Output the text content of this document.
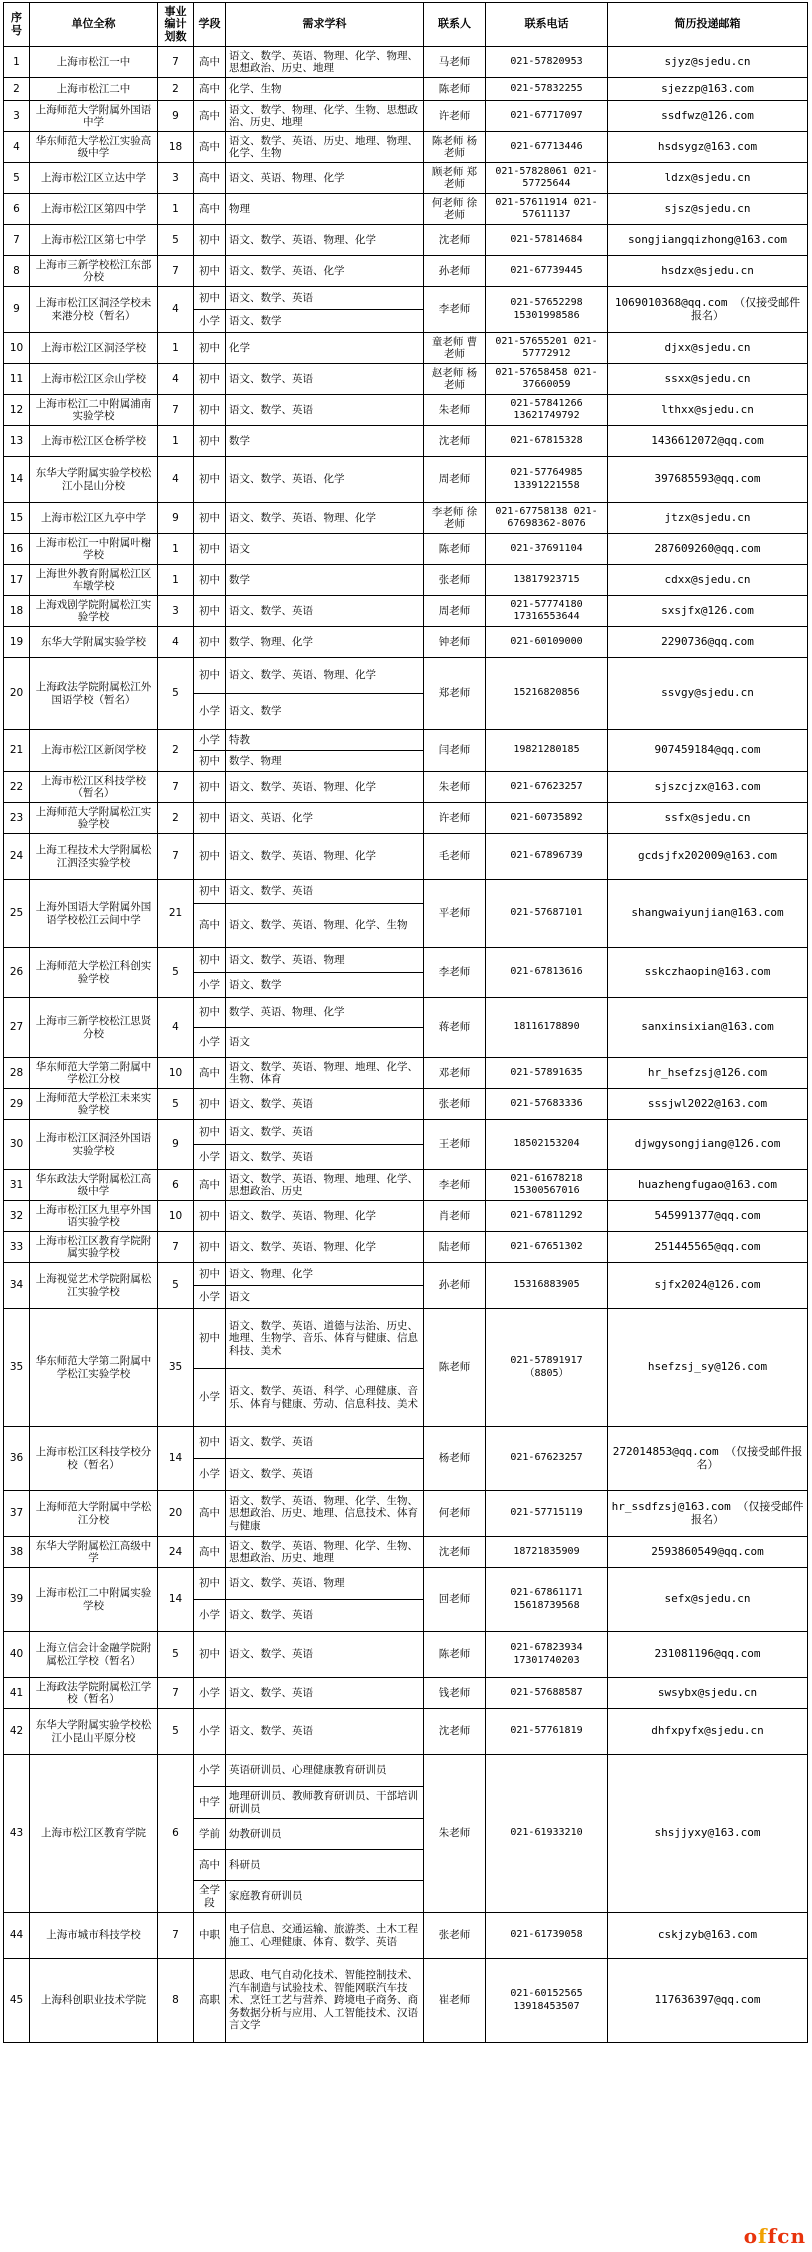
序号	单位全称	事业编计划数	学段	需求学科	联系人	联系电话	简历投递邮箱
1	上海市松江一中	7	高中	语文、数学、英语、物理、化学、物理、思想政治、历史、地理	马老师	021-57820953	sjyz@sjedu.cn
2	上海市松江二中	2	高中	化学、生物	陈老师	021-57832255	sjezzp@163.com
3	上海师范大学附属外国语中学	9	高中	语文、数学、物理、化学、生物、思想政治、历史、地理	许老师	021-67717097	ssdfwz@126.com
4	华东师范大学松江实验高级中学	18	高中	语文、数学、英语、历史、地理、物理、化学、生物	陈老师 杨老师	021-67713446	hsdsygz@163.com
5	上海市松江区立达中学	3	高中	语文、英语、物理、化学	顾老师 郑老师	021-57828061 021-57725644	ldzx@sjedu.cn
6	上海市松江区第四中学	1	高中	物理	何老师 徐老师	021-57611914 021-57611137	sjsz@sjedu.cn
7	上海市松江区第七中学	5	初中	语文、数学、英语、物理、化学	沈老师	021-57814684	songjiangqizhong@163.com
8	上海市三新学校松江东部分校	7	初中	语文、数学、英语、化学	孙老师	021-67739445	hsdzx@sjedu.cn
9	上海市松江区洞泾学校未来港分校（暂名）	4	初中	语文、数学、英语	李老师	021-57652298 15301998586	1069010368@qq.com （仅接受邮件报名）
			小学	语文、数学			
10	上海市松江区洞泾学校	1	初中	化学	童老师 曹老师	021-57655201 021-57772912	djxx@sjedu.cn
11	上海市松江区佘山学校	4	初中	语文、数学、英语	赵老师 杨老师	021-57658458 021-37660059	ssxx@sjedu.cn
12	上海市松江二中附属浦南实验学校	7	初中	语文、数学、英语	朱老师	021-57841266 13621749792	lthxx@sjedu.cn
13	上海市松江区仓桥学校	1	初中	数学	沈老师	021-67815328	1436612072@qq.com
14	东华大学附属实验学校松江小昆山分校	4	初中	语文、数学、英语、化学	周老师	021-57764985 13391221558	397685593@qq.com
15	上海市松江区九亭中学	9	初中	语文、数学、英语、物理、化学	李老师 徐老师	021-67758138 021-67698362-8076	jtzx@sjedu.cn
16	上海市松江一中附属叶榭学校	1	初中	语文	陈老师	021-37691104	287609260@qq.com
17	上海世外教育附属松江区车墩学校	1	初中	数学	张老师	13817923715	cdxx@sjedu.cn
18	上海戏剧学院附属松江实验学校	3	初中	语文、数学、英语	周老师	021-57774180 17316553644	sxsjfx@126.com
19	东华大学附属实验学校	4	初中	数学、物理、化学	钟老师	021-60109000	2290736@qq.com
20	上海政法学院附属松江外国语学校（暂名）	5	初中	语文、数学、英语、物理、化学	郑老师	15216820856	ssvgy@sjedu.cn
			小学	语文、数学			
21	上海市松江区新闵学校	2	小学	特教	闫老师	19821280185	907459184@qq.com
			初中	数学、物理			
22	上海市松江区科技学校（暂名）	7	初中	语文、数学、英语、物理、化学	朱老师	021-67623257	sjszcjzx@163.com
23	上海师范大学附属松江实验学校	2	初中	语文、英语、化学	许老师	021-60735892	ssfx@sjedu.cn
24	上海工程技术大学附属松江泗泾实验学校	7	初中	语文、数学、英语、物理、化学	毛老师	021-67896739	gcdsjfx202009@163.com
25	上海外国语大学附属外国语学校松江云间中学	21	初中	语文、数学、英语	平老师	021-57687101	shangwaiyunjian@163.com
			高中	语文、数学、英语、物理、化学、生物			
26	上海师范大学松江科创实验学校	5	初中	语文、数学、英语、物理	李老师	021-67813616	sskczhaopin@163.com
			小学	语文、数学			
27	上海市三新学校松江思贤分校	4	初中	数学、英语、物理、化学	蒋老师	18116178890	sanxinsixian@163.com
			小学	语文			
28	华东师范大学第二附属中学松江分校	10	高中	语文、数学、英语、物理、地理、化学、生物、体育	邓老师	021-57891635	hr_hsefzsj@126.com
29	上海师范大学松江未来实验学校	5	初中	语文、数学、英语	张老师	021-57683336	sssjwl2022@163.com
30	上海市松江区洞泾外国语实验学校	9	初中	语文、数学、英语	王老师	18502153204	djwgysongjiang@126.com
			小学	语文、数学、英语			
31	华东政法大学附属松江高级中学	6	高中	语文、数学、英语、物理、地理、化学、思想政治、历史	李老师	021-61678218 15300567016	huazhengfugao@163.com
32	上海市松江区九里亭外国语实验学校	10	初中	语文、数学、英语、物理、化学	肖老师	021-67811292	545991377@qq.com
33	上海市松江区教育学院附属实验学校	7	初中	语文、数学、英语、物理、化学	陆老师	021-67651302	251445565@qq.com
34	上海视觉艺术学院附属松江实验学校	5	初中	语文、物理、化学	孙老师	15316883905	sjfx2024@126.com
			小学	语文			
35	华东师范大学第二附属中学松江实验学校	35	初中	语文、数学、英语、道德与法治、历史、地理、生物学、音乐、体育与健康、信息科技、美术	陈老师	021-57891917 （8805）	hsefzsj_sy@126.com
			小学	语文、数学、英语、科学、心理健康、音乐、体育与健康、劳动、信息科技、美术			
36	上海市松江区科技学校分校（暂名）	14	初中	语文、数学、英语	杨老师	021-67623257	272014853@qq.com （仅接受邮件报名）
			小学	语文、数学、英语			
37	上海师范大学附属中学松江分校	20	高中	语文、数学、英语、物理、化学、生物、思想政治、历史、地理、信息技术、体育与健康	何老师	021-57715119	hr_ssdfzsj@163.com （仅接受邮件报名）
38	东华大学附属松江高级中学	24	高中	语文、数学、英语、物理、化学、生物、思想政治、历史、地理	沈老师	18721835909	2593860549@qq.com
39	上海市松江二中附属实验学校	14	初中	语文、数学、英语、物理	回老师	021-67861171 15618739568	sefx@sjedu.cn
			小学	语文、数学、英语			
40	上海立信会计金融学院附属松江学校（暂名）	5	初中	语文、数学、英语	陈老师	021-67823934 17301740203	231081196@qq.com
41	上海政法学院附属松江学校（暂名）	7	小学	语文、数学、英语	钱老师	021-57688587	swsybx@sjedu.cn
42	东华大学附属实验学校松江小昆山平原分校	5	小学	语文、数学、英语	沈老师	021-57761819	dhfxpyfx@sjedu.cn
43	上海市松江区教育学院	6	小学	英语研训员、心理健康教育研训员	朱老师	021-61933210	shsjjyxy@163.com
			中学	地理研训员、教师教育研训员、干部培训研训员			
			学前	幼教研训员			
			高中	科研员			
			全学段	家庭教育研训员			
44	上海市城市科技学校	7	中职	电子信息、交通运输、旅游类、土木工程施工、心理健康、体育、数学、英语	张老师	021-61739058	cskjzyb@163.com
45	上海科创职业技术学院	8	高职	思政、电气自动化技术、智能控制技术、汽车制造与试验技术、智能网联汽车技术、烹饪工艺与营养、跨境电子商务、商务数据分析与应用、人工智能技术、汉语言文学	崔老师	021-60152565 13918453507	117636397@qq.com
offcn
